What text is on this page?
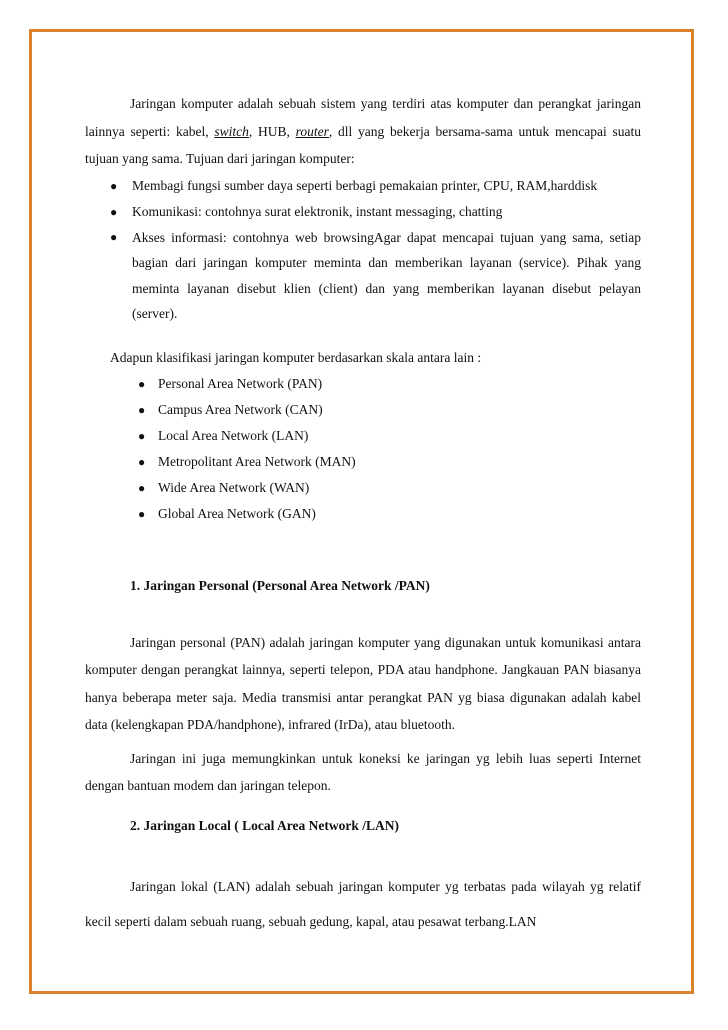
Jaringan komputer adalah sebuah sistem yang terdiri atas komputer dan perangkat jaringan lainnya seperti: kabel, switch, HUB, router, dll yang bekerja bersama-sama untuk mencapai suatu tujuan yang sama. Tujuan dari jaringan komputer:

● Membagi fungsi sumber daya seperti berbagi pemakaian printer, CPU, RAM,harddisk
● Komunikasi: contohnya surat elektronik, instant messaging, chatting
● Akses informasi: contohnya web browsingAgar dapat mencapai tujuan yang sama, setiap bagian dari jaringan komputer meminta dan memberikan layanan (service). Pihak yang meminta layanan disebut klien (client) dan yang memberikan layanan disebut pelayan (server).

Adapun klasifikasi jaringan komputer berdasarkan skala antara lain :

● Personal Area Network (PAN)
● Campus Area Network (CAN)
● Local Area Network (LAN)
● Metropolitant Area Network (MAN)
● Wide Area Network (WAN)
● Global Area Network (GAN)

1. Jaringan Personal (Personal Area Network /PAN)

Jaringan personal (PAN) adalah jaringan komputer yang digunakan untuk komunikasi antara komputer dengan perangkat lainnya, seperti telepon, PDA atau handphone. Jangkauan PAN biasanya hanya beberapa meter saja. Media transmisi antar perangkat PAN yg biasa digunakan adalah kabel data (kelengkapan PDA/handphone), infrared (IrDa), atau bluetooth.

Jaringan ini juga memungkinkan untuk koneksi ke jaringan yg lebih luas seperti Internet dengan bantuan modem dan jaringan telepon.

2. Jaringan Local ( Local Area Network /LAN)

Jaringan lokal (LAN) adalah sebuah jaringan komputer yg terbatas pada wilayah yg relatif kecil seperti dalam sebuah ruang, sebuah gedung, kapal, atau pesawat terbang.LAN
